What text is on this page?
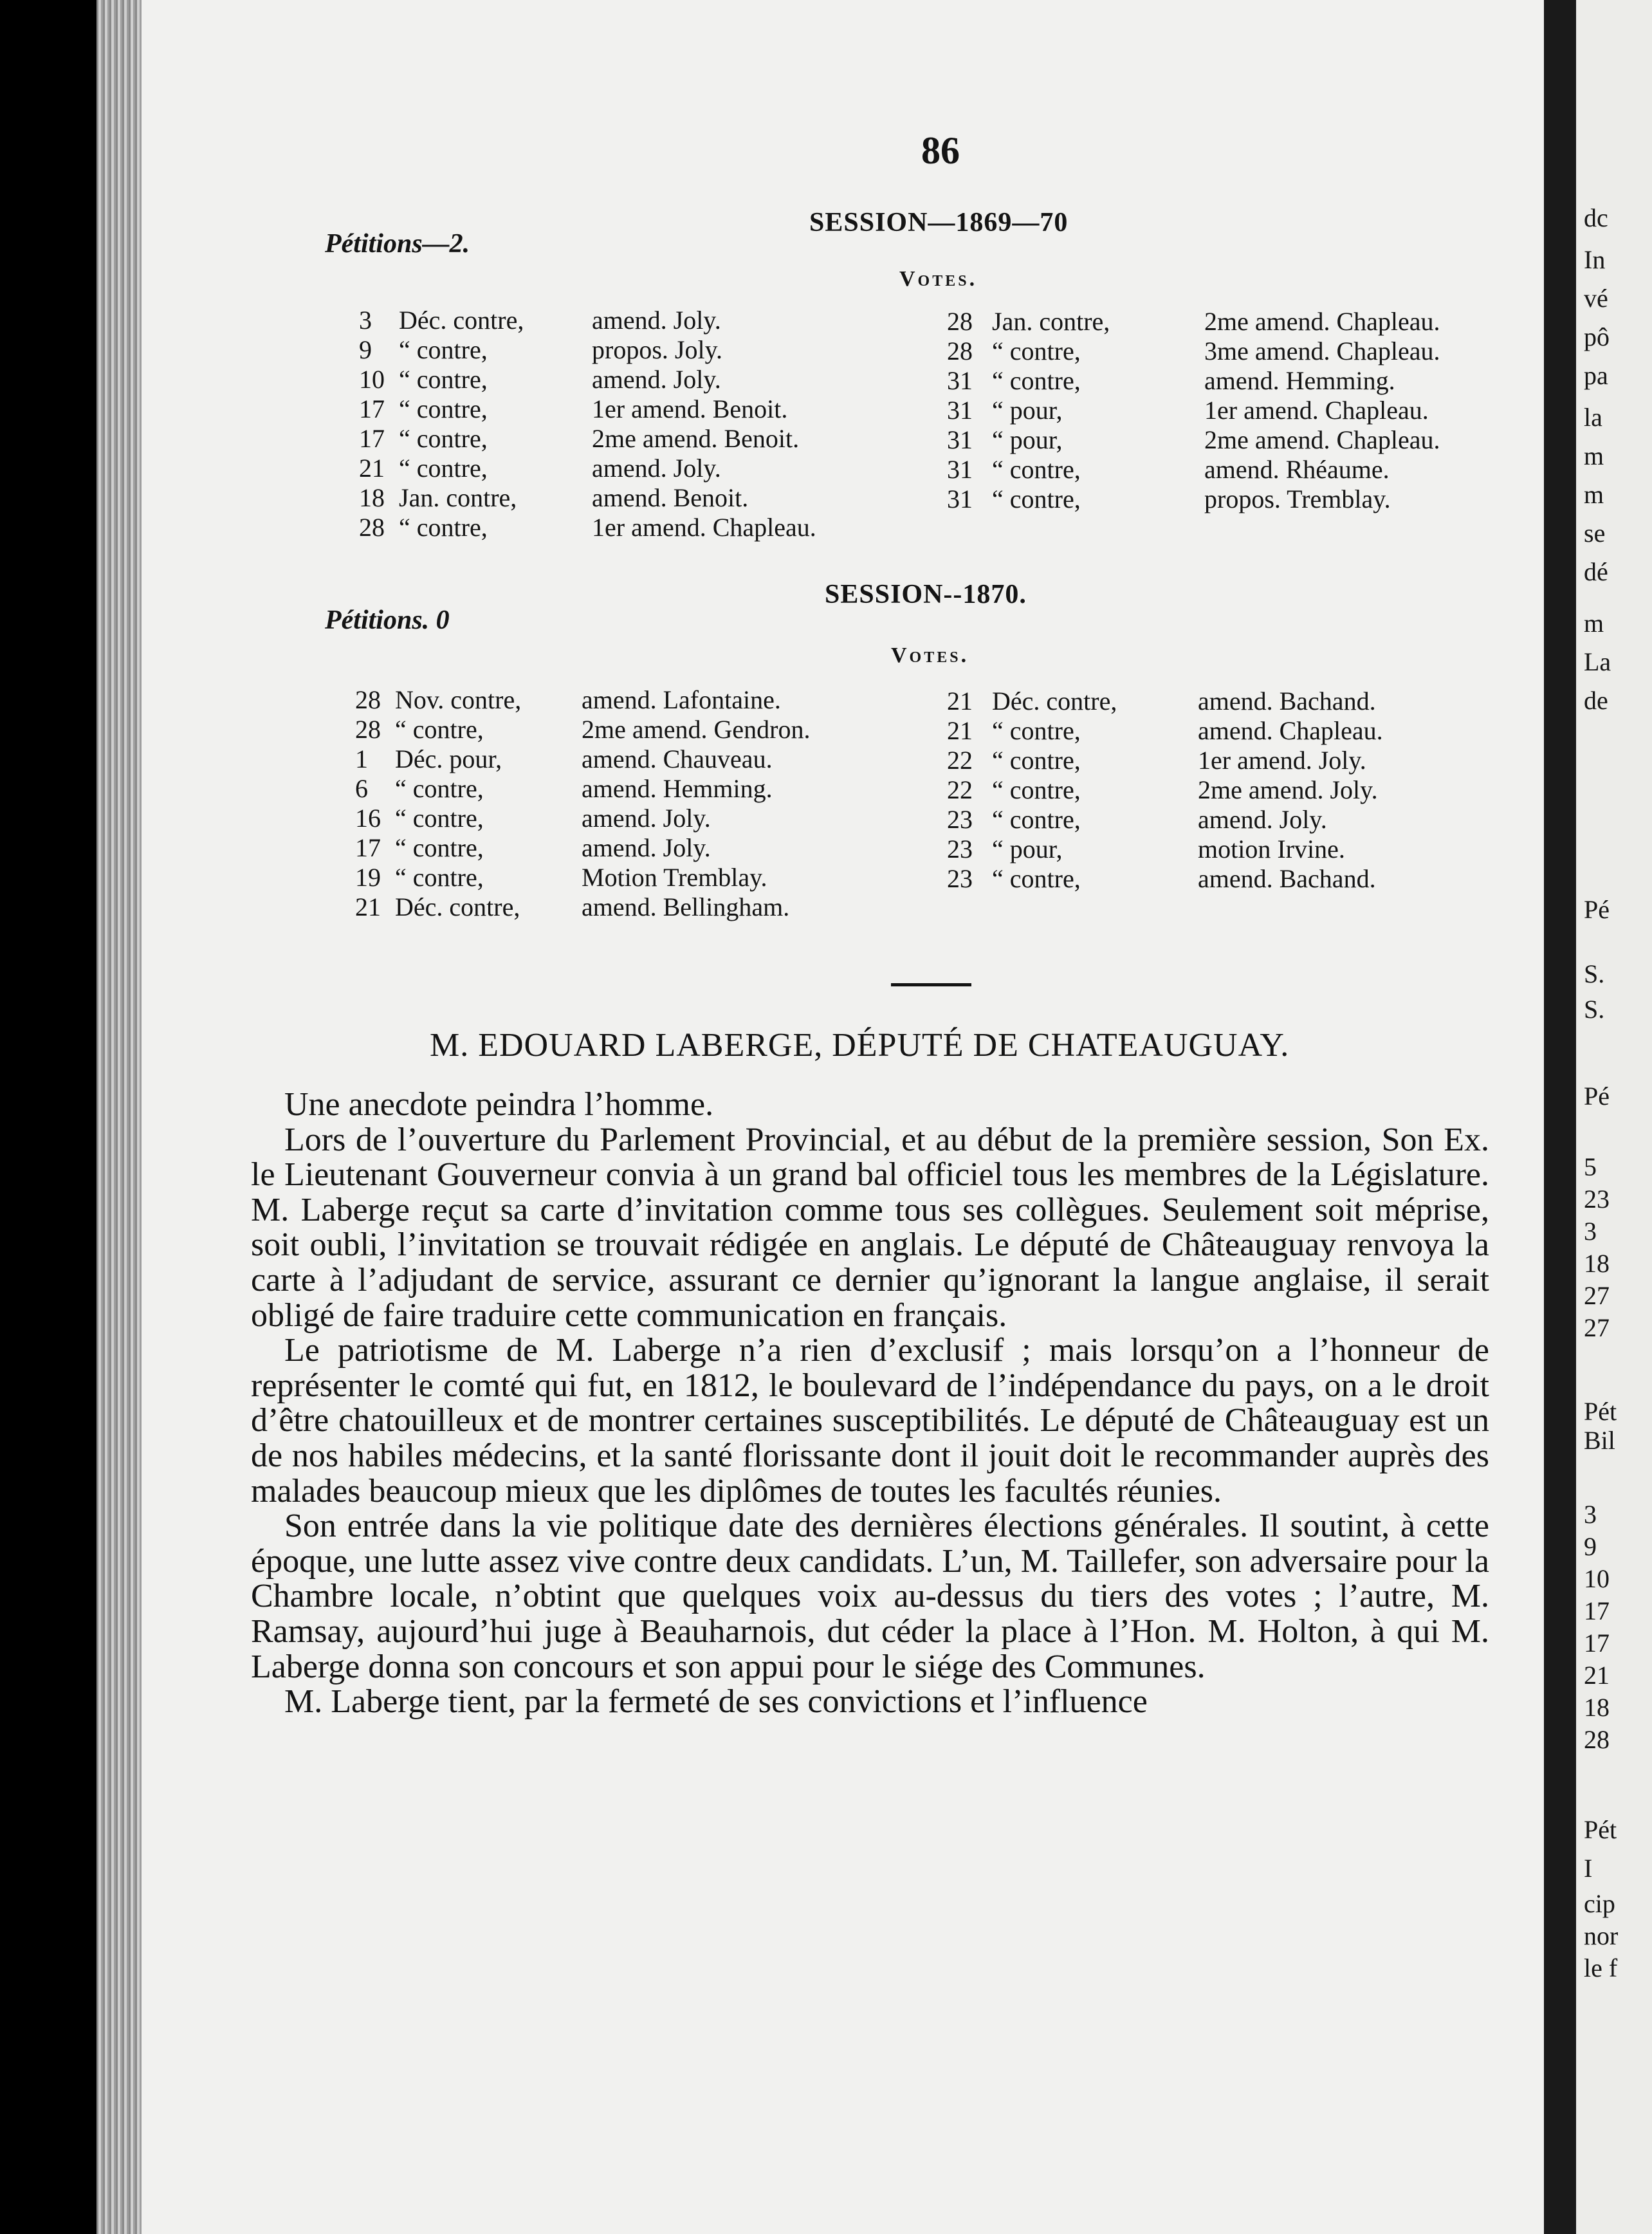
86
SESSION—1869—70
Pétitions—2.
Votes.
3 Déc. contre,	amend. Joly.
9 “ contre,	propos. Joly.
10 “ contre,	amend. Joly.
17 “ contre,	1er amend. Benoit.
17 “ contre,	2me amend. Benoit.
21 “ contre,	amend. Joly.
18 Jan. contre,	amend. Benoit.
28 “ contre,	1er amend. Chapleau.
28 Jan. contre,	2me amend. Chapleau.
28 “ contre,	3me amend. Chapleau.
31 “ contre,	amend. Hemming.
31 “ pour,	1er amend. Chapleau.
31 “ pour,	2me amend. Chapleau.
31 “ contre,	amend. Rhéaume.
31 “ contre,	propos. Tremblay.
SESSION--1870.
Pétitions. 0
Votes.
28 Nov. contre, amend. Lafontaine.
28 “ contre,	2me amend. Gendron.
1 Déc. pour,	amend. Chauveau.
6 “ contre,	amend. Hemming.
16 “ contre,	amend. Joly.
17 “ contre,	amend. Joly.
19 “ contre,	Motion Tremblay.
21 Déc. contre, amend. Bellingham.
21 Déc. contre,	amend. Bachand.
21 “ contre,	amend. Chapleau.
22 “ contre,	1er amend. Joly.
22 “ contre,	2me amend. Joly.
23 “ contre,	amend. Joly.
23 “ pour,	motion Irvine.
23 “ contre,	amend. Bachand.
M. EDOUARD LABERGE, DÉPUTÉ DE CHATEAUGUAY.

Une anecdote peindra l’homme.

Lors de l’ouverture du Parlement Provincial, et au début de la première session, Son Ex. le Lieutenant Gouverneur convia à un grand bal officiel tous les membres de la Législature. M. Laberge reçut sa carte d’invitation comme tous ses collègues. Seulement soit méprise, soit oubli, l’invitation se trouvait rédigée en anglais. Le député de Châteauguay renvoya la carte à l’adjudant de service, assurant ce dernier qu’ignorant la langue anglaise, il serait obligé de faire traduire cette communication en français.

Le patriotisme de M. Laberge n’a rien d’exclusif ; mais lorsqu’on a l’honneur de représenter le comté qui fut, en 1812, le boulevard de l’indépendance du pays, on a le droit d’être chatouilleux et de montrer certaines susceptibilités. Le député de Châteauguay est un de nos habiles médecins, et la santé florissante dont il jouit doit le recommander auprès des malades beaucoup mieux que les diplômes de toutes les facultés réunies.

Son entrée dans la vie politique date des dernières élections générales. Il soutint, à cette époque, une lutte assez vive contre deux candidats. L’un, M. Taillefer, son adversaire pour la Chambre locale, n’obtint que quelques voix au-dessus du tiers des votes ; l’autre, M. Ramsay, aujourd’hui juge à Beauharnois, dut céder la place à l’Hon. M. Holton, à qui M. Laberge donna son concours et son appui pour le siége des Communes.

M. Laberge tient, par la fermeté de ses convictions et l’influence

dc
In
vé
pô
pa
la
m
m
se
dé
m
La
de
Pé
S.
S.
Pé
5
23
3
18
27
27
Pét
Bil
3
9
10
17
17
21
18
28
Pét
I
cip
nor
le f
